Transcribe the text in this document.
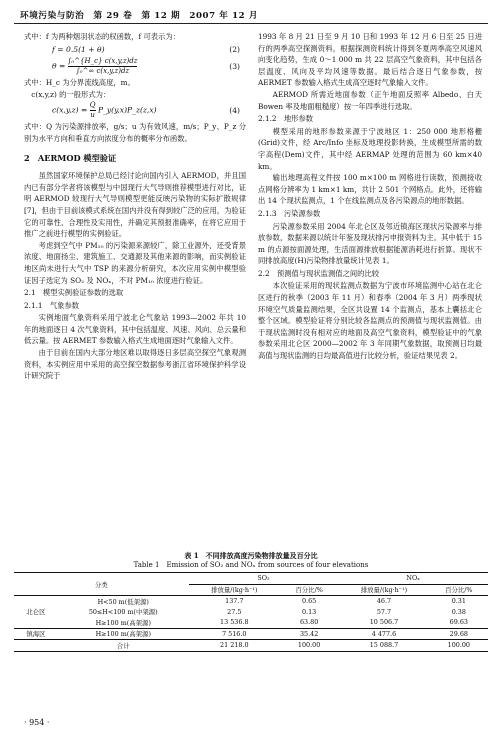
环境污染与防治　第 29 卷　第 12 期　2007 年 12 月

式中：f 为两种烟羽状态的权函数，f 可表示为：

f = 0.5(1 + θ)	(2)
$\theta = \frac{\text{∫₀\textasciicircum{}\{H\_c\} c(x,y,z)dz}}{\text{∫₀\textasciicircum{}∞ c(x,y,z)dz}}$	(3)

式中：H_c 为分界流线高度，m。

c(x,y,z) 的一般形式为：

$c(x,y,z) = \frac{Q}{u}$ P_y(y,x)P_z(z,x)	(4)

式中：Q 为污染源排放率，g/s；u 为有效风速，m/s；P_y、P_z 分别为水平方向和垂直方向浓度分布的概率分布函数。

2　AERMOD 模型验证

虽然国家环境保护总局已经讨论向国内引入 AERMOD，并且国内已有部分学者将该模型与中国现行大气导则推荐模型进行对比，证明 AERMOD 较现行大气导则模型更能反映污染物的实际扩散规律[7]，但由于目前该模式系统在国内并没有得到较广泛的应用，为验证它的可靠性、合理性及实用性，并确定其预报准确率，在将它应用于推广之前进行模型的实例验证。

考虑到空气中 PM₁₀ 的污染源来源较广，除工业源外，还受背景浓度、地面扬尘、建筑施工、交通源及其他来源的影响，而实例验证地区尚未进行大气中 TSP 的来源分析研究，本次应用实例中模型验证因子选定为 SO₂ 及 NOₓ，不对 PM₁₀ 浓度进行验证。

2.1　模型实例验证参数的选取
2.1.1　气象参数

实例地面气象资料采用宁波北仑气象站 1993—2002 年共 10 年的地面逐日 4 次气象资料，其中包括温度、风速、风向、总云量和低云量。按 AERMET 参数输入格式生成地面逐时气象输入文件。

由于目前在国内大部分地区难以取得逐日多层高空探空气象观测资料，本实例应用中采用的高空探空数据参考浙江省环境保护科学设计研究院于

1993 年 8 月 21 日至 9 月 10 日和 1993 年 12 月 6 日至 25 日进行的两季高空探测资料，根据探测资料统计得到冬夏两季高空风速风向变化趋势，生成 0～1 000 m 共 22 层高空气象资料，其中包括各层温度、风向及平均风速等数据。最后结合逐日气象参数，按 AERMET 参数输入格式生成高空逐时气象输入文件。

AERMOD 所需近地面参数（正午地面反照率 Albedo、白天 Bowen 率及地面粗糙度）按一年四季进行选取。

2.1.2　地形参数

模型采用的地形参数来源于宁波地区 1：250 000 地形格栅(Grid)文件，经 Arc/Info 坐标及地理投影转换，生成模型所需的数字高程(Dem)文件，其中经 AERMAP 处理的范围为 60 km×40 km。

输出地理高程文件按 100 m×100 m 网格进行读数，预测接收点网格分辨率为 1 km×1 km，共计 2 501 个网格点。此外，还将输出 14 个现状监测点，1 个在线监测点及各污染源点的地形数据。

2.1.3　污染源参数

污染源参数采用 2004 年北仑区及邻近镇海区现状污染源率与排放参数，数据来源以统计年鉴及现状排污申报资料为主。其中低于 15 m 的点源按面源处理，生活面源排放根据能源消耗进行折算。现状不同排放高度(H)污染物排放量统计见表 1。

2.2　预测值与现状监测值之间的比较

本次验证采用的现状监测点数据为宁波市环境监测中心站在北仑区进行的秋季（2003 年 11 月）和春季（2004 年 3 月）两季现状环境空气质量监测结果，全区共设置 14 个监测点，基本上囊括北仑整个区域。模型验证将分别比较各监测点的预测值与现状监测值。由于现状监测时没有相对应的地面及高空气象资料，模型验证中的气象参数采用北仑区 2000—2002 年 3 年同期气象数据，取预测日均最高值与现状监测的日均最高值进行比较分析，验证结果见表 2。

表 1　不同排放高度污染物排放量及百分比
Table 1　Emission of SO₂ and NOₓ from sources of four elevations
分类		SO₂		NOₓ	
		排放量/(kg·h⁻¹)	百分比/%	排放量/(kg·h⁻¹)	百分比/%
北仑区	H<50 m(低架源)	137.7	0.65	46.7	0.31
	50≤H<100 m(中架源)	27.5	0.13	57.7	0.38
	H≥100 m(高架源)	13 536.8	63.80	10 506.7	69.63
镇海区	H≥100 m(高架源)	7 516.0	35.42	4 477.6	29.68
	合计	21 218.0	100.00	15 088.7	100.00
· 954 ·
